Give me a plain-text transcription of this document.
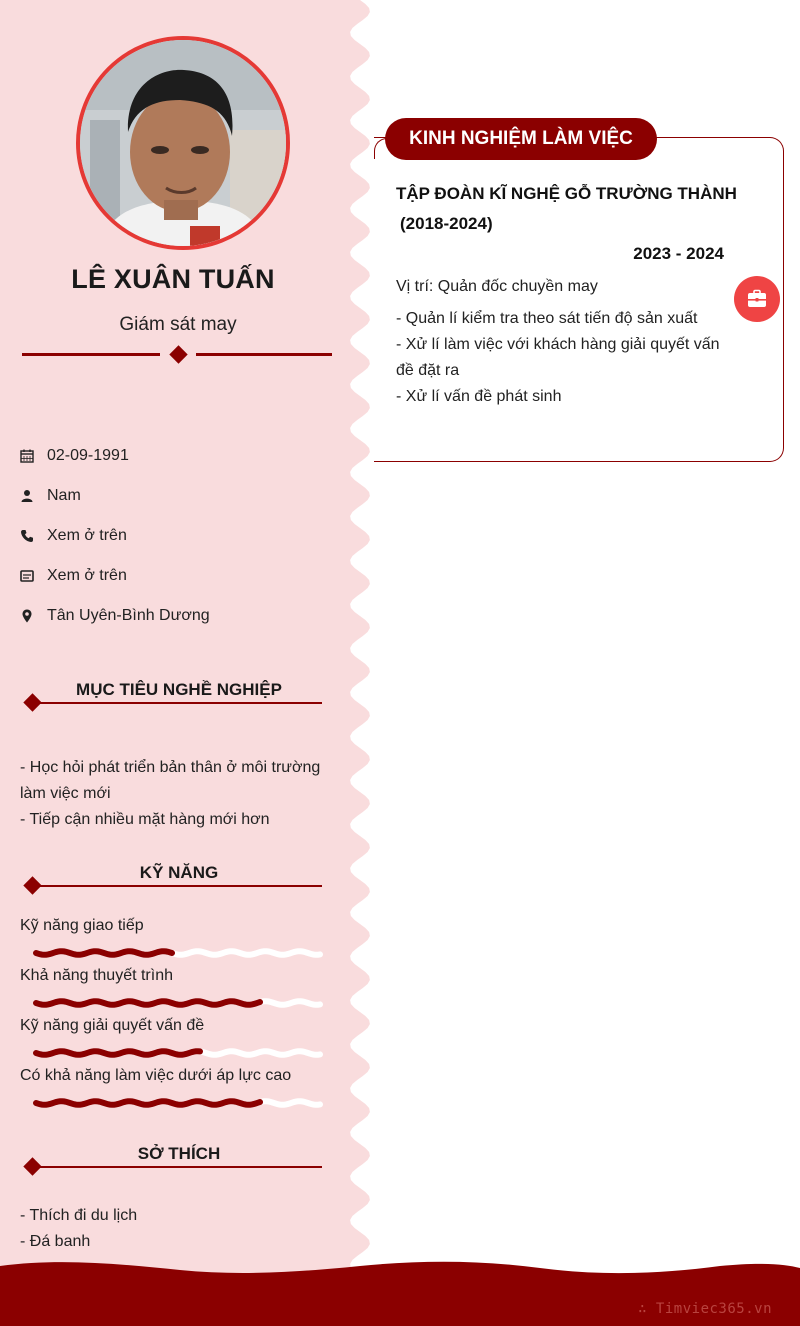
LÊ XUÂN TUẤN
Giám sát may
02-09-1991
Nam
Xem ở trên
Xem ở trên
Tân Uyên-Bình Dương
MỤC TIÊU NGHỀ NGHIỆP
- Học hỏi phát triển bản thân ở môi trường làm việc mới
- Tiếp cận nhiều mặt hàng mới hơn
KỸ NĂNG
Kỹ năng giao tiếp
Khả năng thuyết trình
Kỹ năng giải quyết vấn đề
Có khả năng làm việc dưới áp lực cao
SỞ THÍCH
- Thích đi du lịch
- Đá banh
KINH NGHIỆM LÀM VIỆC
TẬP ĐOÀN KĨ NGHỆ GỖ TRƯỜNG THÀNH
(2018-2024)
2023 - 2024
Vị trí: Quản đốc chuyền may
- Quản lí kiểm tra theo sát tiến độ sản xuất
- Xử lí làm việc với khách hàng giải quyết vấn đề đặt ra
- Xử lí vấn đề phát sinh
∴ Timviec365.vn
